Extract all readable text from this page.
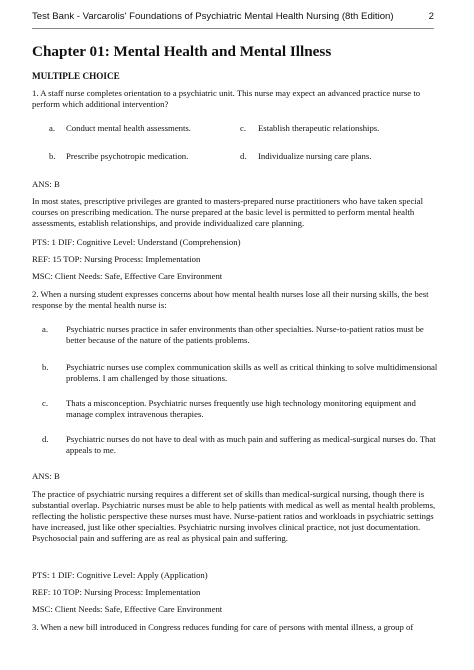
Test Bank - Varcarolis' Foundations of Psychiatric Mental Health Nursing (8th Edition)	2
Chapter 01: Mental Health and Mental Illness
MULTIPLE CHOICE
1. A staff nurse completes orientation to a psychiatric unit. This nurse may expect an advanced practice nurse to perform which additional intervention?
a. Conduct mental health assessments.	c. Establish therapeutic relationships.
b. Prescribe psychotropic medication.	d. Individualize nursing care plans.
ANS: B
In most states, prescriptive privileges are granted to masters-prepared nurse practitioners who have taken special courses on prescribing medication. The nurse prepared at the basic level is permitted to perform mental health assessments, establish relationships, and provide individualized care planning.
PTS: 1 DIF: Cognitive Level: Understand (Comprehension)
REF: 15 TOP: Nursing Process: Implementation
MSC: Client Needs: Safe, Effective Care Environment
2. When a nursing student expresses concerns about how mental health nurses lose all their nursing skills, the best response by the mental health nurse is:
a. Psychiatric nurses practice in safer environments than other specialties. Nurse-to-patient ratios must be better because of the nature of the patients problems.
b. Psychiatric nurses use complex communication skills as well as critical thinking to solve multidimensional problems. I am challenged by those situations.
c. Thats a misconception. Psychiatric nurses frequently use high technology monitoring equipment and manage complex intravenous therapies.
d. Psychiatric nurses do not have to deal with as much pain and suffering as medical-surgical nurses do. That appeals to me.
ANS: B
The practice of psychiatric nursing requires a different set of skills than medical-surgical nursing, though there is substantial overlap. Psychiatric nurses must be able to help patients with medical as well as mental health problems, reflecting the holistic perspective these nurses must have. Nurse-patient ratios and workloads in psychiatric settings have increased, just like other specialties. Psychiatric nursing involves clinical practice, not just documentation. Psychosocial pain and suffering are as real as physical pain and suffering.
PTS: 1 DIF: Cognitive Level: Apply (Application)
REF: 10 TOP: Nursing Process: Implementation
MSC: Client Needs: Safe, Effective Care Environment
3. When a new bill introduced in Congress reduces funding for care of persons with mental illness, a group of
